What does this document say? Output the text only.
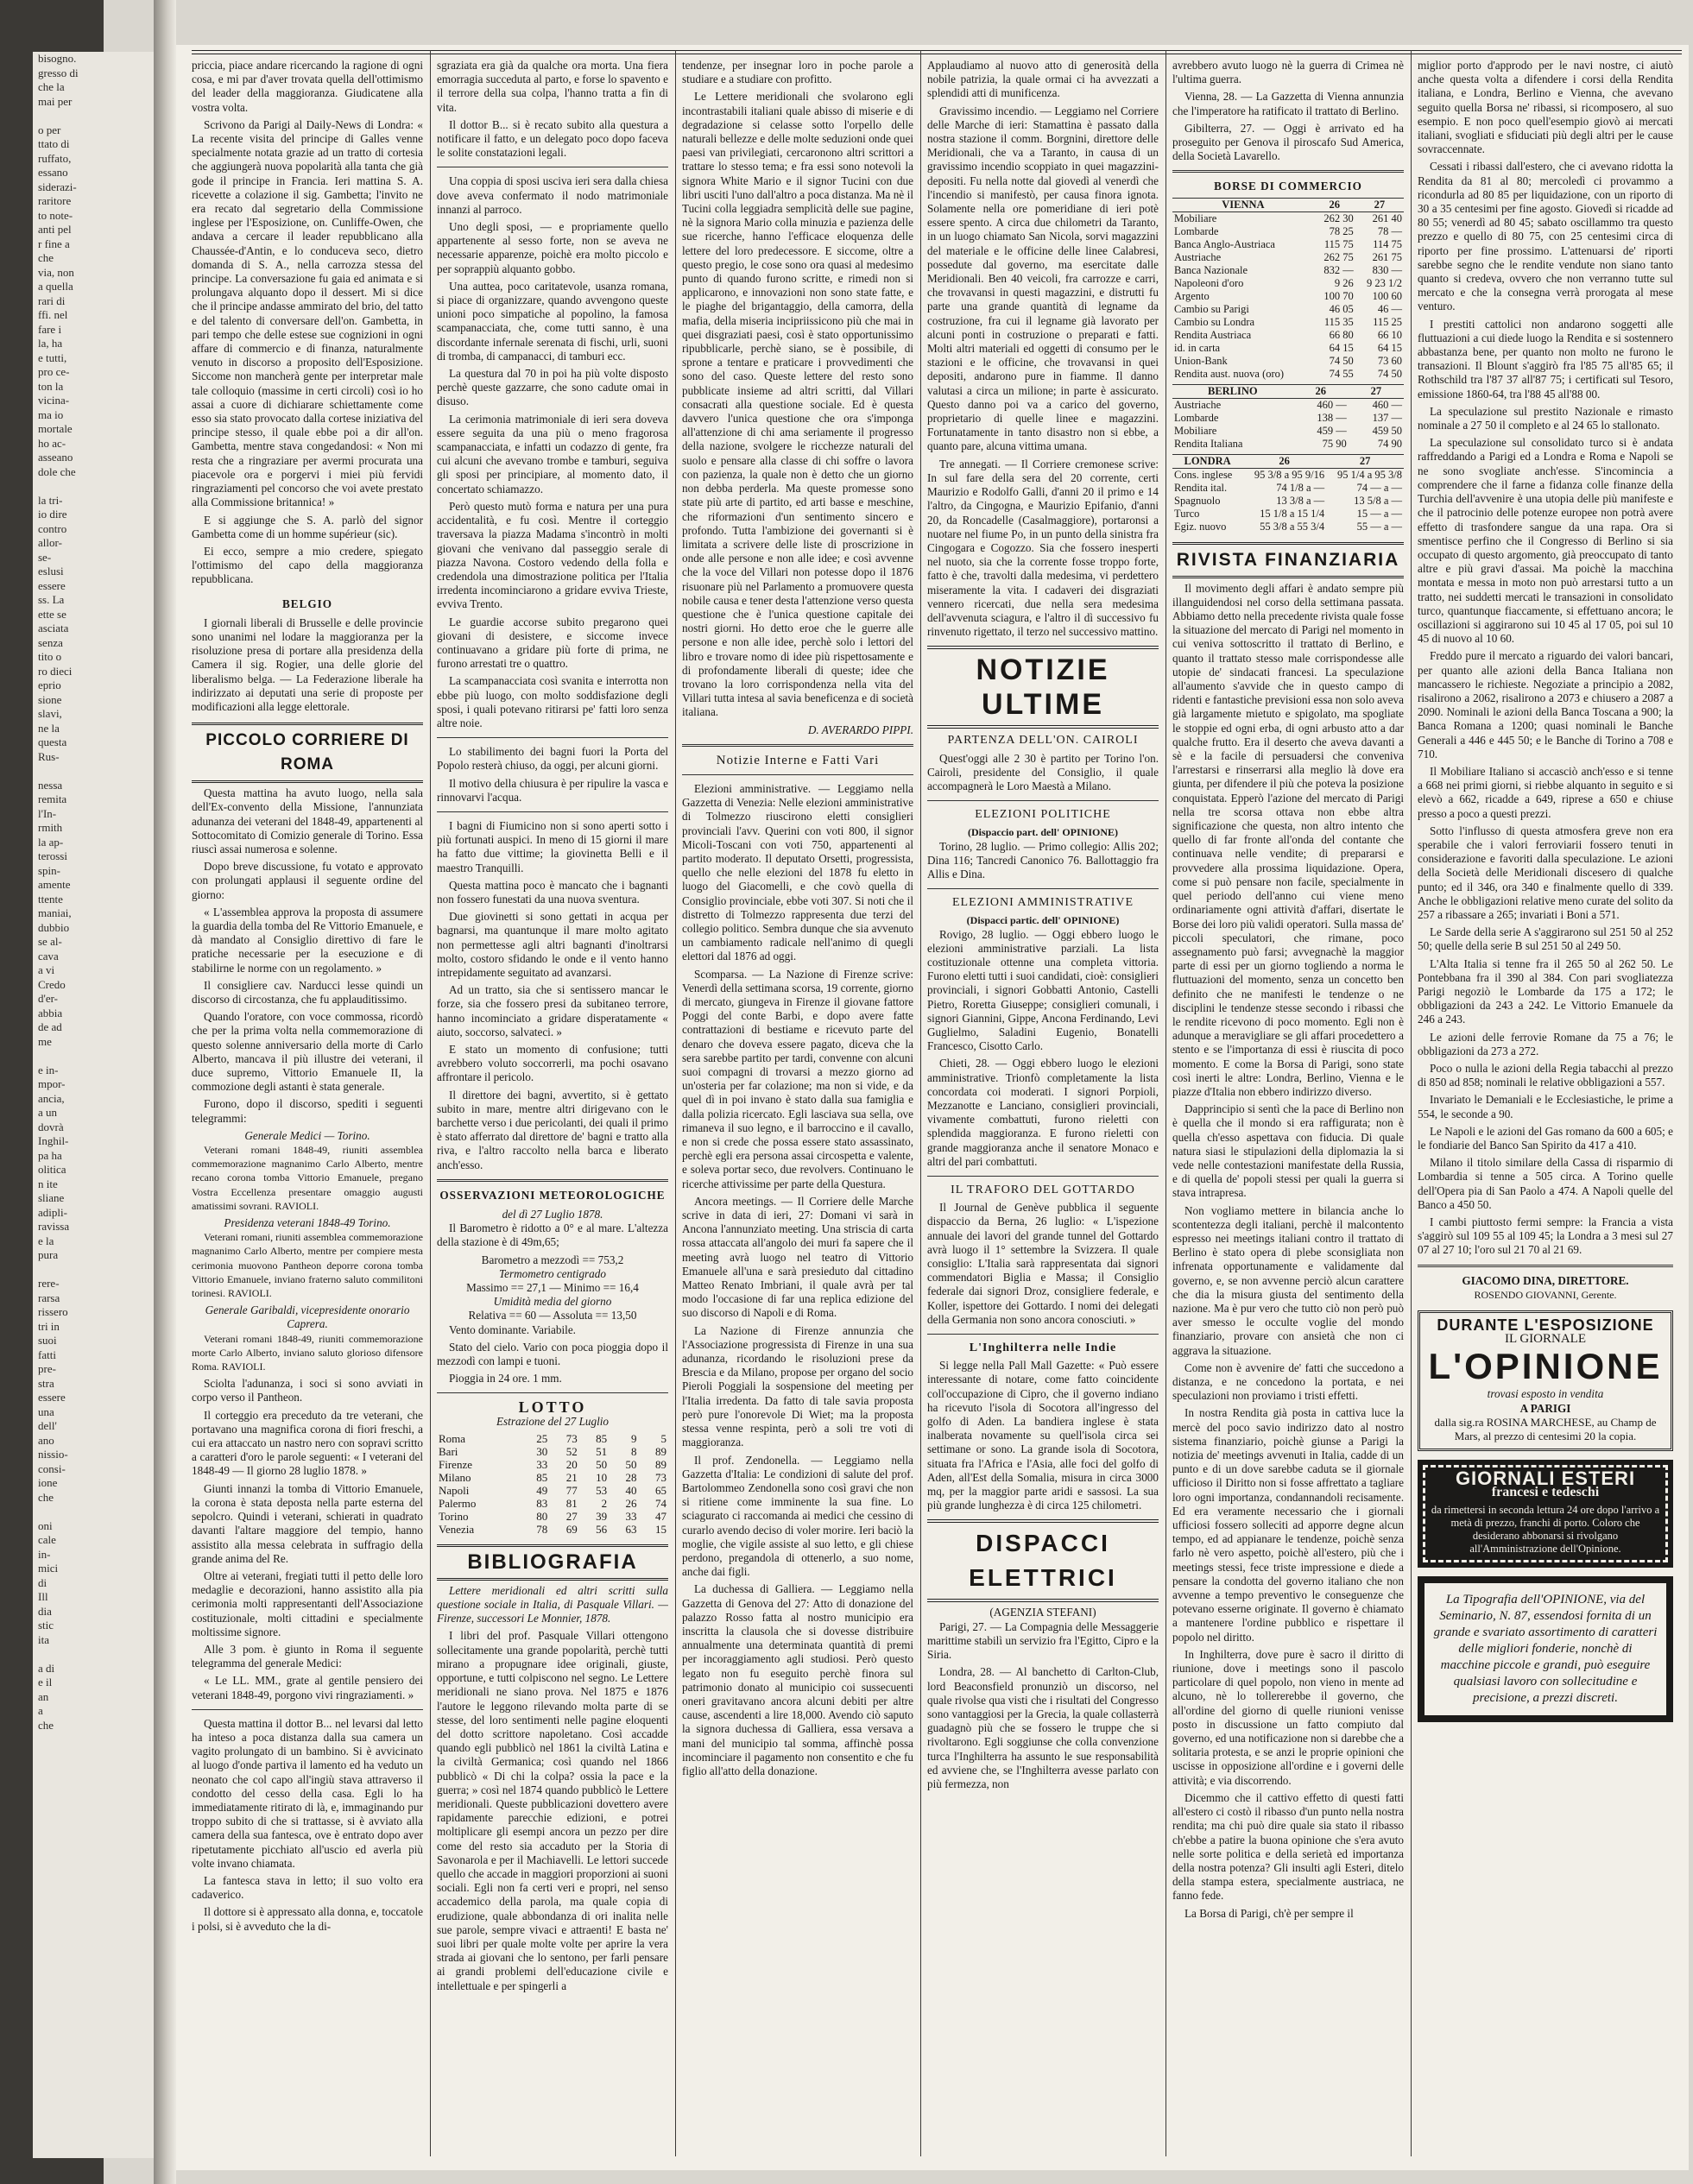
bisogno.
gresso di
che la
mai per

o per
ttato di
ruffato,
essano
siderazi-
raritore
to note-
anti pel
r fine a
che
via, non
a quella
rari di
ffi. nel
fare i
la, ha
e tutti,
pro ce-
ton la
vicina-
ma io
mortale
ho ac-
asseano
dole che

la tri-
io dire
contro
allor-
se-
eslusi
essere
ss. La
ette se
asciata
senza
tito o
ro dieci
eprio
sione
slavi,
ne la
questa
Rus-

nessa
remita
l'In-
rmith
la ap-
terossi
spin-
amente
ttente
maniai,
dubbio
se al-
cava
a vi
Credo
d'er-
abbia
de ad
me

e in-
mpor-
ancia,
a un
dovrà
Inghil-
pa ha
olitica
n ite
sliane
adipli-
ravissa
e la
pura

rere-
rarsa
rissero
tri in
suoi
fatti
pre-
stra
essere
una
dell'
ano
nissio-
consi-
ione
che

oni
cale
in-
mici
di
Ill
dia
stic
ita

a di
e il
an
a
che

priccia, piace andare ricercando la ragione di ogni cosa, e mi par d'aver trovata quella dell'ottimismo del leader della maggioranza. Giudicatene alla vostra volta.

Scrivono da Parigi al Daily-News di Londra: « La recente visita del principe di Galles venne specialmente notata grazie ad un tratto di cortesia che aggiungerà nuova popolarità alla tanta che già gode il principe in Francia. Ieri mattina S. A. ricevette a colazione il sig. Gambetta; l'invito ne era recato dal segretario della Commissione inglese per l'Esposizione, on. Cunliffe-Owen, che andava a cercare il leader repubblicano alla Chaussée-d'Antin, e lo conduceva seco, dietro domanda di S. A., nella carrozza stessa del principe. La conversazione fu gaia ed animata e si prolungava alquanto dopo il dessert. Mi si dice che il principe andasse ammirato del brio, del tatto e del talento di conversare dell'on. Gambetta, in pari tempo che delle estese sue cognizioni in ogni affare di commercio e di finanza, naturalmente venuto in discorso a proposito dell'Esposizione. Siccome non mancherà gente per interpretar male tale colloquio (massime in certi circoli) così io ho assai a cuore di dichiarare schiettamente come esso sia stato provocato dalla cortese iniziativa del principe stesso, il quale ebbe poi a dir all'on. Gambetta, mentre stava congedandosi: « Non mi resta che a ringraziare per avermi procurata una piacevole ora e porgervi i miei più fervidi ringraziamenti pel concorso che voi avete prestato alla Commissione britannica! »

E si aggiunge che S. A. parlò del signor Gambetta come di un homme supérieur (sic).

Ei ecco, sempre a mio credere, spiegato l'ottimismo del capo della maggioranza repubblicana.

BELGIO

I giornali liberali di Brusselle e delle provincie sono unanimi nel lodare la maggioranza per la risoluzione presa di portare alla presidenza della Camera il sig. Rogier, una delle glorie del liberalismo belga. — La Federazione liberale ha indirizzato ai deputati una serie di proposte per modificazioni alla legge elettorale.

PICCOLO CORRIERE DI ROMA

Questa mattina ha avuto luogo, nella sala dell'Ex-convento della Missione, l'annunziata adunanza dei veterani del 1848-49, appartenenti al Sottocomitato di Comizio generale di Torino. Essa riuscì assai numerosa e solenne.

Dopo breve discussione, fu votato e approvato con prolungati applausi il seguente ordine del giorno:

« L'assemblea approva la proposta di assumere la guardia della tomba del Re Vittorio Emanuele, e dà mandato al Consiglio direttivo di fare le pratiche necessarie per la esecuzione e di stabilirne le norme con un regolamento. »

Il consigliere cav. Narducci lesse quindi un discorso di circostanza, che fu applauditissimo.

Quando l'oratore, con voce commossa, ricordò che per la prima volta nella commemorazione di questo solenne anniversario della morte di Carlo Alberto, mancava il più illustre dei veterani, il duce supremo, Vittorio Emanuele II, la commozione degli astanti è stata generale.

Furono, dopo il discorso, spediti i seguenti telegrammi:

Generale Medici — Torino.

Veterani romani 1848-49, riuniti assemblea commemorazione magnanimo Carlo Alberto, mentre recano corona tomba Vittorio Emanuele, pregano Vostra Eccellenza presentare omaggio augusti amatissimi sovrani. RAVIOLI.

Presidenza veterani 1848-49 Torino.

Veterani romani, riuniti assemblea commemorazione magnanimo Carlo Alberto, mentre per compiere mesta cerimonia muovono Pantheon deporre corona tomba Vittorio Emanuele, inviano fraterno saluto commilitoni torinesi. RAVIOLI.

Generale Garibaldi, vicepresidente onorario Caprera.

Veterani romani 1848-49, riuniti commemorazione morte Carlo Alberto, inviano saluto glorioso difensore Roma. RAVIOLI.

Sciolta l'adunanza, i soci si sono avviati in corpo verso il Pantheon.

Il corteggio era preceduto da tre veterani, che portavano una magnifica corona di fiori freschi, a cui era attaccato un nastro nero con sopravi scritto a caratteri d'oro le parole seguenti: « I veterani del 1848-49 — Il giorno 28 luglio 1878. »

Giunti innanzi la tomba di Vittorio Emanuele, la corona è stata deposta nella parte esterna del sepolcro. Quindi i veterani, schierati in quadrato davanti l'altare maggiore del tempio, hanno assistito alla messa celebrata in suffragio della grande anima del Re.

Oltre ai veterani, fregiati tutti il petto delle loro medaglie e decorazioni, hanno assistito alla pia cerimonia molti rappresentanti dell'Associazione costituzionale, molti cittadini e specialmente moltissime signore.

Alle 3 pom. è giunto in Roma il seguente telegramma del generale Medici:

« Le LL. MM., grate al gentile pensiero dei veterani 1848-49, porgono vivi ringraziamenti. »

Questa mattina il dottor B... nel levarsi dal letto ha inteso a poca distanza dalla sua camera un vagito prolungato di un bambino. Si è avvicinato al luogo d'onde partiva il lamento ed ha veduto un neonato che col capo all'ingiù stava attraverso il condotto del cesso della casa. Egli lo ha immediatamente ritirato di là, e, immaginando pur troppo subito di che si trattasse, si è avviato alla camera della sua fantesca, ove è entrato dopo aver ripetutamente picchiato all'uscio ed averla più volte invano chiamata.

La fantesca stava in letto; il suo volto era cadaverico.

Il dottore si è appressato alla donna, e, toccatole i polsi, si è avveduto che la di-

sgraziata era già da qualche ora morta. Una fiera emorragia succeduta al parto, e forse lo spavento e il terrore della sua colpa, l'hanno tratta a fin di vita.

Il dottor B... si è recato subito alla questura a notificare il fatto, e un delegato poco dopo faceva le solite constatazioni legali.

Una coppia di sposi usciva ieri sera dalla chiesa dove aveva confermato il nodo matrimoniale innanzi al parroco.

Uno degli sposi, — e propriamente quello appartenente al sesso forte, non se aveva ne necessarie apparenze, poichè era molto piccolo e per soprappiù alquanto gobbo.

Una auttea, poco caritatevole, usanza romana, si piace di organizzare, quando avvengono queste unioni poco simpatiche al popolino, la famosa scampanacciata, che, come tutti sanno, è una discordante infernale serenata di fischi, urli, suoni di tromba, di campanacci, di tamburi ecc.

La questura dal 70 in poi ha più volte disposto perchè queste gazzarre, che sono cadute omai in disuso.

La cerimonia matrimoniale di ieri sera doveva essere seguita da una più o meno fragorosa scampanacciata, e infatti un codazzo di gente, fra cui alcuni che avevano trombe e tamburi, seguiva gli sposi per principiare, al momento dato, il concertato schiamazzo.

Però questo mutò forma e natura per una pura accidentalità, e fu così. Mentre il corteggio traversava la piazza Madama s'incontrò in molti giovani che venivano dal passeggio serale di piazza Navona. Costoro vedendo della folla e credendola una dimostrazione politica per l'Italia irredenta incominciarono a gridare evviva Trieste, evviva Trento.

Le guardie accorse subito pregarono quei giovani di desistere, e siccome invece continuavano a gridare più forte di prima, ne furono arrestati tre o quattro.

La scampanacciata così svanita e interrotta non ebbe più luogo, con molto soddisfazione degli sposi, i quali potevano ritirarsi pe' fatti loro senza altre noie.

Lo stabilimento dei bagni fuori la Porta del Popolo resterà chiuso, da oggi, per alcuni giorni.

Il motivo della chiusura è per ripulire la vasca e rinnovarvi l'acqua.

I bagni di Fiumicino non si sono aperti sotto i più fortunati auspici. In meno di 15 giorni il mare ha fatto due vittime; la giovinetta Belli e il maestro Tranquilli.

Questa mattina poco è mancato che i bagnanti non fossero funestati da una nuova sventura.

Due giovinetti si sono gettati in acqua per bagnarsi, ma quantunque il mare molto agitato non permettesse agli altri bagnanti d'inoltrarsi molto, costoro sfidando le onde e il vento hanno intrepidamente seguitato ad avanzarsi.

Ad un tratto, sia che si sentissero mancar le forze, sia che fossero presi da subitaneo terrore, hanno incominciato a gridare disperatamente « aiuto, soccorso, salvateci. »

E stato un momento di confusione; tutti avrebbero voluto soccorrerli, ma pochi osavano affrontare il pericolo.

Il direttore dei bagni, avvertito, si è gettato subito in mare, mentre altri dirigevano con le barchette verso i due pericolanti, dei quali il primo è stato afferrato dal direttore de' bagni e tratto alla riva, e l'altro raccolto nella barca e liberato anch'esso.

OSSERVAZIONI METEOROLOGICHE
del dì 27 Luglio 1878.

Il Barometro è ridotto a 0° e al mare. L'altezza della stazione è di 49m,65;

Barometro a mezzodì == 753,2
Termometro centigrado
Massimo == 27,1 — Minimo == 16,4
Umidità media del giorno
Relativa == 60 — Assoluta == 13,50

Vento dominante. Variabile.

Stato del cielo. Vario con poca pioggia dopo il mezzodì con lampi e tuoni.

Pioggia in 24 ore. 1 mm.

LOTTO
Estrazione del 27 Luglio
Roma	25	73	85	9	5
Bari	30	52	51	8	89
Firenze	33	20	50	50	89
Milano	85	21	10	28	73
Napoli	49	77	53	40	65
Palermo	83	81	2	26	74
Torino	80	27	39	33	47
Venezia	78	69	56	63	15
BIBLIOGRAFIA

Lettere meridionali ed altri scritti sulla questione sociale in Italia, di Pasquale Villari. — Firenze, successori Le Monnier, 1878.

I libri del prof. Pasquale Villari ottengono sollecitamente una grande popolarità, perchè tutti mirano a propugnare idee originali, giuste, opportune, e tutti colpiscono nel segno. Le Lettere meridionali ne siano prova. Nel 1875 e 1876 l'autore le leggono rilevando molta parte di se stesse, del loro sentimenti nelle pagine eloquenti del dotto scrittore napoletano. Così accadde quando egli pubblicò nel 1861 la civiltà Latina e la civiltà Germanica; così quando nel 1866 pubblicò « Di chi la colpa? ossia la pace e la guerra; » così nel 1874 quando pubblicò le Lettere meridionali. Queste pubblicazioni dovettero avere rapidamente parecchie edizioni, e potrei moltiplicare gli esempi ancora un pezzo per dire come del resto sia accaduto per la Storia di Savonarola e per il Machiavelli. Le lettori succede quello che accade in maggiori proporzioni ai suoni sociali. Egli non fa certi veri e propri, nel senso accademico della parola, ma quale copia di erudizione, quale abbondanza di ori inalita nelle sue parole, sempre vivaci e attraenti! E basta ne' suoi libri per quale molte volte per aprire la vera strada ai giovani che lo sentono, per farli pensare ai grandi problemi dell'educazione civile e intellettuale e per spingerli a

tendenze, per insegnar loro in poche parole a studiare e a studiare con profitto.

Le Lettere meridionali che svolarono egli incontrastabili italiani quale abisso di miserie e di degradazione si celasse sotto l'orpello delle naturali bellezze e delle molte seduzioni onde quei paesi van privilegiati, cercaronono altri scrittori a trattare lo stesso tema; e fra essi sono notevoli la signora White Mario e il signor Tucini con due libri usciti l'uno dall'altro a poca distanza. Ma nè il Tucini colla leggiadra semplicità delle sue pagine, nè la signora Mario colla minuzia e pazienza delle sue ricerche, hanno l'efficace eloquenza delle lettere del loro predecessore. E siccome, oltre a questo pregio, le cose sono ora quasi al medesimo punto di quando furono scritte, e rimedi non si applicarono, e innovazioni non sono state fatte, e le piaghe del brigantaggio, della camorra, della mafia, della miseria incipriissicono più che mai in quei disgraziati paesi, così è stato opportunissimo ripubblicarle, perchè siano, se è possibile, di sprone a tentare e praticare i provvedimenti che sono del caso. Queste lettere del resto sono pubblicate insieme ad altri scritti, dal Villari consacrati alla questione sociale. Ed è questa davvero l'unica questione che ora s'imponga all'attenzione di chi ama seriamente il progresso della nazione, svolgere le ricchezze naturali del suolo e pensare alla classe di chi soffre o lavora con pazienza, la quale non è detto che un giorno non debba perderla. Ma queste promesse sono state più arte di partito, ed arti basse e meschine, che riformazioni d'un sentimento sincero e profondo. Tutta l'ambizione dei governanti si è limitata a scrivere delle liste di proscrizione in onde alle persone e non alle idee; e così avvenne che la voce del Villari non potesse dopo il 1876 risuonare più nel Parlamento a promuovere questa nobile causa e tener desta l'attenzione verso questa questione che è l'unica questione capitale dei nostri giorni. Ho detto eroe che le guerre alle persone e non alle idee, perchè solo i lettori del libro e trovare nomo di idee più rispettosamente e di profondamente liberali di queste; idee che trovano la loro corrispondenza nella vita del Villari tutta intesa al savia beneficenza e di società italiana.

D. AVERARDO PIPPI.
Notizie Interne e Fatti Vari

Elezioni amministrative. — Leggiamo nella Gazzetta di Venezia: Nelle elezioni amministrative di Tolmezzo riuscirono eletti consiglieri provinciali l'avv. Querini con voti 800, il signor Micoli-Toscani con voti 750, appartenenti al partito moderato. Il deputato Orsetti, progressista, quello che nelle elezioni del 1878 fu eletto in luogo del Giacomelli, e che covò quella di Consiglio provinciale, ebbe voti 307. Si noti che il distretto di Tolmezzo rappresenta due terzi del collegio politico. Sembra dunque che sia avvenuto un cambiamento radicale nell'animo di quegli elettori dal 1876 ad oggi.

Scomparsa. — La Nazione di Firenze scrive: Venerdì della settimana scorsa, 19 corrente, giorno di mercato, giungeva in Firenze il giovane fattore Poggi del conte Barbi, e dopo avere fatte contrattazioni di bestiame e ricevuto parte del denaro che doveva essere pagato, diceva che la sera sarebbe partito per tardi, convenne con alcuni suoi compagni di trovarsi a mezzo giorno ad un'osteria per far colazione; ma non si vide, e da quel dì in poi invano è stato dalla sua famiglia e dalla polizia ricercato. Egli lasciava sua sella, ove rimaneva il suo legno, e il barroccino e il cavallo, e non si crede che possa essere stato assassinato, perchè egli era persona assai circospetta e valente, e soleva portar seco, due revolvers. Continuano le ricerche attivissime per parte della Questura.

Ancora meetings. — Il Corriere delle Marche scrive in data di ieri, 27: Domani vi sarà in Ancona l'annunziato meeting. Una striscia di carta rossa attaccata all'angolo dei muri fa sapere che il meeting avrà luogo nel teatro di Vittorio Emanuele all'una e sarà presieduto dal cittadino Matteo Renato Imbriani, il quale avrà per tal modo l'occasione di far una replica edizione del suo discorso di Napoli e di Roma.

La Nazione di Firenze annunzia che l'Associazione progressista di Firenze in una sua adunanza, ricordando le risoluzioni prese da Brescia e da Milano, propose per organo del socio Pieroli Poggiali la sospensione del meeting per l'Italia irredenta. Da fatto di tale savia proposta però pure l'onorevole Di Wiet; ma la proposta stessa venne respinta, però a soli tre voti di maggioranza.

Il prof. Zendonella. — Leggiamo nella Gazzetta d'Italia: Le condizioni di salute del prof. Bartolommeo Zendonella sono così gravi che non si ritiene come imminente la sua fine. Lo sciagurato ci raccomanda ai medici che cessino di curarlo avendo deciso di voler morire. Ieri baciò la moglie, che vigile assiste al suo letto, e gli chiese perdono, pregandola di ottenerlo, a suo nome, anche dai figli.

La duchessa di Galliera. — Leggiamo nella Gazzetta di Genova del 27: Atto di donazione del palazzo Rosso fatta al nostro municipio era inscritta la clausola che si dovesse distribuire annualmente una determinata quantità di premi per incoraggiamento agli studiosi. Però questo legato non fu eseguito perchè finora sul patrimonio donato al municipio coi sussecuenti oneri gravitavano ancora alcuni debiti per altre cause, ascendenti a lire 18,000. Avendo ciò saputo la signora duchessa di Galliera, essa versava a mani del municipio tal somma, affinchè possa incominciare il pagamento non consentito e che fu figlio all'atto della donazione.

Applaudiamo al nuovo atto di generosità della nobile patrizia, la quale ormai ci ha avvezzati a splendidi atti di munificenza.

Gravissimo incendio. — Leggiamo nel Corriere delle Marche di ieri: Stamattina è passato dalla nostra stazione il comm. Borgnini, direttore delle Meridionali, che va a Taranto, in causa di un gravissimo incendio scoppiato in quei magazzini-depositi. Fu nella notte dal giovedì al venerdì che l'incendio si manifestò, per causa finora ignota. Solamente nella ore pomeridiane di ieri potè essere spento. A circa due chilometri da Taranto, in un luogo chiamato San Nicola, sorvi magazzini del materiale e le officine delle linee Calabresi, possedute dal governo, ma esercitate dalle Meridionali. Ben 40 veicoli, fra carrozze e carri, che trovavansi in questi magazzini, e distrutti fu parte una grande quantità di legname da costruzione, fra cui il legname già lavorato per alcuni ponti in costruzione o preparati e fatti. Molti altri materiali ed oggetti di consumo per le stazioni e le officine, che trovavansi in quei depositi, andarono pure in fiamme. Il danno valutasi a circa un milione; in parte è assicurato. Questo danno poi va a carico del governo, proprietario di quelle linee e magazzini. Fortunatamente in tanto disastro non si ebbe, a quanto pare, alcuna vittima umana.

Tre annegati. — Il Corriere cremonese scrive: In sul fare della sera del 20 corrente, certi Maurizio e Rodolfo Galli, d'anni 20 il primo e 14 l'altro, da Cingogna, e Maurizio Epifanio, d'anni 20, da Roncadelle (Casalmaggiore), portaronsi a nuotare nel fiume Po, in un punto della sinistra fra Cingogara e Cogozzo. Sia che fossero inesperti nel nuoto, sia che la corrente fosse troppo forte, fatto è che, travolti dalla medesima, vi perdettero miseramente la vita. I cadaveri dei disgraziati vennero ricercati, due nella sera medesima dell'avvenuta sciagura, e l'altro il dì successivo fu rinvenuto rigettato, il terzo nel successivo mattino.

NOTIZIE ULTIME
PARTENZA DELL'ON. CAIROLI

Quest'oggi alle 2 30 è partito per Torino l'on. Cairoli, presidente del Consiglio, il quale accompagnerà le Loro Maestà a Milano.

ELEZIONI POLITICHE
(Dispaccio part. dell' OPINIONE)

Torino, 28 luglio. — Primo collegio: Allis 202; Dina 116; Tancredi Canonico 76. Ballottaggio fra Allis e Dina.

ELEZIONI AMMINISTRATIVE
(Dispacci partic. dell' OPINIONE)

Rovigo, 28 luglio. — Oggi ebbero luogo le elezioni amministrative parziali. La lista costituzionale ottenne una completa vittoria. Furono eletti tutti i suoi candidati, cioè: consiglieri provinciali, i signori Gobbatti Antonio, Castelli Pietro, Roretta Giuseppe; consiglieri comunali, i signori Giannini, Gippe, Ancona Ferdinando, Levi Guglielmo, Saladini Eugenio, Bonatelli Francesco, Cisotto Carlo.

Chieti, 28. — Oggi ebbero luogo le elezioni amministrative. Trionfò completamente la lista concordata coi moderati. I signori Porpioli, Mezzanotte e Lanciano, consiglieri provinciali, vivamente combattuti, furono rieletti con splendida maggioranza. E furono rieletti con grande maggioranza anche il senatore Monaco e altri del pari combattuti.

IL TRAFORO DEL GOTTARDO

Il Journal de Genève pubblica il seguente dispaccio da Berna, 26 luglio: « L'ispezione annuale dei lavori del grande tunnel del Gottardo avrà luogo il 1° settembre la Svizzera. Il quale consiglio: L'Italia sarà rappresentata dai signori commendatori Biglia e Massa; il Consiglio federale dai signori Droz, consigliere federale, e Koller, ispettore dei Gottardo. I nomi dei delegati della Germania non sono ancora conosciuti. »

L'Inghilterra nelle Indie

Si legge nella Pall Mall Gazette: « Può essere interessante di notare, come fatto coincidente coll'occupazione di Cipro, che il governo indiano ha ricevuto l'isola di Socotora all'ingresso del golfo di Aden. La bandiera inglese è stata inalberata novamente su quell'isola circa sei settimane or sono. La grande isola di Socotora, situata fra l'Africa e l'Asia, alle foci del golfo di Aden, all'Est della Somalia, misura in circa 3000 mq, per la maggior parte aridi e sassosi. La sua più grande lunghezza è di circa 125 chilometri.

DISPACCI ELETTRICI
(AGENZIA STEFANI)

Parigi, 27. — La Compagnia delle Messaggerie marittime stabilì un servizio fra l'Egitto, Cipro e la Siria.

Londra, 28. — Al banchetto di Carlton-Club, lord Beaconsfield pronunziò un discorso, nel quale rivolse qua visti che i risultati del Congresso sono vantaggiosi per la Grecia, la quale collasterrà guadagnò più che se fossero le truppe che si rivoltarono. Egli soggiunse che colla convenzione turca l'Inghilterra ha assunto le sue responsabilità ed avviene che, se l'Inghilterra avesse parlato con più fermezza, non

avrebbero avuto luogo nè la guerra di Crimea nè l'ultima guerra.

Vienna, 28. — La Gazzetta di Vienna annunzia che l'imperatore ha ratificato il trattato di Berlino.

Gibilterra, 27. — Oggi è arrivato ed ha proseguito per Genova il piroscafo Sud America, della Società Lavarello.

BORSE DI COMMERCIO
VIENNA	26	27
Mobiliare	262 30	261 40
Lombarde	78 25	78 —
Banca Anglo-Austriaca	115 75	114 75
Austriache	262 75	261 75
Banca Nazionale	832 —	830 —
Napoleoni d'oro	9 26	9 23 1/2
Argento	100 70	100 60
Cambio su Parigi	46 05	46 —
Cambio su Londra	115 35	115 25
Rendita Austriaca	66 80	66 10
id. in carta	64 15	64 15
Union-Bank	74 50	73 60
Rendita aust. nuova (oro)	74 55	74 50
BERLINO	26	27
Austriache	460 —	460 —
Lombarde	138 —	137 —
Mobiliare	459 —	459 50
Rendita Italiana	75 90	74 90
LONDRA	26	27
Cons. inglese	95 3/8 a 95 9/16	95 1/4 a 95 3/8
Rendita ital.	74 1/8 a —	74 — a —
Spagnuolo	13 3/8 a —	13 5/8 a —
Turco	15 1/8 a 15 1/4	15 — a —
Egiz. nuovo	55 3/8 a 55 3/4	55 — a —
RIVISTA FINANZIARIA

Il movimento degli affari è andato sempre più illanguidendosi nel corso della settimana passata. Abbiamo detto nella precedente rivista quale fosse la situazione del mercato di Parigi nel momento in cui veniva sottoscritto il trattato di Berlino, e quanto il trattato stesso male corrispondesse alle utopie de' sindacati francesi. La speculazione all'aumento s'avvide che in questo campo di ridenti e fantastiche previsioni essa non solo aveva già largamente mietuto e spigolato, ma spogliate le stoppie ed ogni erba, di ogni arbusto atto a dar qualche frutto. Era il deserto che aveva davanti a sè e la facile di persuadersi che conveniva l'arrestarsi e rinserrarsi alla meglio là dove era giunta, per difendere il più che poteva la posizione conquistata. Epperò l'azione del mercato di Parigi nella tre scorsa ottava non ebbe altra significazione che questa, non altro intento che quello di far fronte all'onda del contante che continuava nelle vendite; di prepararsi e provvedere alla prossima liquidazione. Opera, come si può pensare non facile, specialmente in quel periodo dell'anno cui viene meno ordinariamente ogni attività d'affari, disertate le Borse dei loro più validi operatori. Sulla massa de' piccoli speculatori, che rimane, poco assegnamento può farsi; avvegnachè la maggior parte di essi per un giorno togliendo a norma le fluttuazioni del momento, senza un concetto ben definito che ne manifesti le tendenze o ne disciplini le tendenze stesse secondo i ribassi che le rendite ricevono di poco momento. Egli non è adunque a meravigliare se gli affari procedettero a stento e se l'importanza di essi è riuscita di poco momento. E come la Borsa di Parigi, sono state così inerti le altre: Londra, Berlino, Vienna e le piazze d'Italia non ebbero indirizzo diverso.

Dapprincipio si sentì che la pace di Berlino non è quella che il mondo si era raffigurata; non è quella ch'esso aspettava con fiducia. Di quale natura siasi le stipulazioni della diplomazia la si vede nelle contestazioni manifestate della Russia, e di quella de' popoli stessi per quali la guerra si stava intrapresa.

Non vogliamo mettere in bilancia anche lo scontentezza degli italiani, perchè il malcontento espresso nei meetings italiani contro il trattato di Berlino è stato opera di plebe sconsigliata non infrenata opportunamente e validamente dal governo, e, se non avvenne perciò alcun carattere che dia la misura giusta del sentimento della nazione. Ma è pur vero che tutto ciò non però può aver smesso le occulte voglie del mondo finanziario, provare con ansietà che non ci aggrava la situazione.

Come non è avvenire de' fatti che succedono a distanza, e ne concedono la portata, e nei speculazioni non proviamo i tristi effetti.

In nostra Rendita già posta in cattiva luce la mercè del poco savio indirizzo dato al nostro sistema finanziario, poichè giunse a Parigi la notizia de' meetings avvenuti in Italia, cadde di un punto e di un dove sarebbe caduta se il giornale ufficioso il Diritto non si fosse affrettato a tagliare loro ogni importanza, condannandoli recisamente. Ed era veramente necessario che i giornali ufficiosi fossero solleciti ad apporre degne alcun tempo, ed ad appianare le tendenze, poichè senza farlo nè vero aspetto, poichè all'estero, più che i meetings stessi, fece triste impressione e diede a pensare la condotta del governo italiano che non avvenne a tempo preventivo le conseguenze che potevano esserne originate. Il governo è chiamato a mantenere l'ordine pubblico e rispettare il popolo nel diritto.

In Inghilterra, dove pure è sacro il diritto di riunione, dove i meetings sono il pascolo particolare di quel popolo, non vieno in mente ad alcuno, nè lo tollererebbe il governo, che all'ordine del giorno di quelle riunioni venisse posto in discussione un fatto compiuto dal governo, ed una notificazione non si darebbe che a solitaria protesta, e se anzi le proprie opinioni che uscisse in opposizione all'ordine e i governi delle attività; e via discorrendo.

Dicemmo che il cattivo effetto di questi fatti all'estero ci costò il ribasso d'un punto nella nostra rendita; ma chi può dire quale sia stato il ribasso ch'ebbe a patire la buona opinione che s'era avuto nelle sorte politica e della serietà ed importanza della nostra potenza? Gli insulti agli Esteri, ditelo della stampa estera, specialmente austriaca, ne fanno fede.

La Borsa di Parigi, ch'è per sempre il

miglior porto d'approdo per le navi nostre, ci aiutò anche questa volta a difendere i corsi della Rendita italiana, e Londra, Berlino e Vienna, che avevano seguito quella Borsa ne' ribassi, si ricomposero, al suo esempio. E non poco quell'esempio giovò ai mercati italiani, svogliati e sfiduciati più degli altri per le cause sovraccennate.

Cessati i ribassi dall'estero, che ci avevano ridotta la Rendita da 81 al 80; mercoledì ci provammo a ricondurla ad 80 85 per liquidazione, con un riporto di 30 a 35 centesimi per fine agosto. Giovedì si ricadde ad 80 55; venerdì ad 80 45; sabato oscillammo tra questo prezzo e quello di 80 75, con 25 centesimi circa di riporto per fine prossimo. L'attenuarsi de' riporti sarebbe segno che le rendite vendute non siano tanto quanto si credeva, ovvero che non verranno tutte sul mercato e che la consegna verrà prorogata al mese venturo.

I prestiti cattolici non andarono soggetti alle fluttuazioni a cui diede luogo la Rendita e si sostennero abbastanza bene, per quanto non molto ne furono le transazioni. Il Blount s'aggirò fra l'85 75 all'85 65; il Rothschild tra l'87 37 all'87 75; i certificati sul Tesoro, emissione 1860-64, tra l'88 45 all'88 00.

La speculazione sul prestito Nazionale e rimasto nominale a 27 50 il completo e al 24 65 lo stallonato.

La speculazione sul consolidato turco si è andata raffreddando a Parigi ed a Londra e Roma e Napoli se ne sono svogliate anch'esse. S'incomincia a comprendere che il farne a fidanza colle finanze della Turchia dell'avvenire è una utopia delle più manifeste e che il patrocinio delle potenze europee non potrà avere effetto di trasfondere sangue da una rapa. Ora si smentisce perfino che il Congresso di Berlino si sia occupato di questo argomento, già preoccupato di tanto altre e più gravi d'assai. Ma poichè la macchina montata e messa in moto non può arrestarsi tutto a un tratto, nei suddetti mercati le transazioni in consolidato turco, quantunque fiaccamente, si effettuano ancora; le oscillazioni si aggirarono sui 10 45 al 17 05, poi sul 10 45 di nuovo al 10 60.

Freddo pure il mercato a riguardo dei valori bancari, per quanto alle azioni della Banca Italiana non mancassero le richieste. Negoziate a principio a 2082, risalirono a 2062, risalirono a 2073 e chiusero a 2087 a 2090. Nominali le azioni della Banca Toscana a 900; la Banca Romana a 1200; quasi nominali le Banche Generali a 446 e 445 50; e le Banche di Torino a 708 e 710.

Il Mobiliare Italiano si accasciò anch'esso e si tenne a 668 nei primi giorni, si riebbe alquanto in seguito e si elevò a 662, ricadde a 649, riprese a 650 e chiuse presso a poco a questi prezzi.

Sotto l'influsso di questa atmosfera greve non era sperabile che i valori ferroviarii fossero tenuti in considerazione e favoriti dalla speculazione. Le azioni della Società delle Meridionali discesero di qualche punto; ed il 346, ora 340 e finalmente quello di 339. Anche le obbligazioni relative meno curate del solito da 257 a ribassare a 265; invariati i Boni a 571.

Le Sarde della serie A s'aggirarono sul 251 50 al 252 50; quelle della serie B sul 251 50 al 249 50.

L'Alta Italia si tenne fra il 265 50 al 262 50. Le Pontebbana fra il 390 al 384. Con pari svogliatezza Parigi negoziò le Lombarde da 175 a 172; le obbligazioni da 243 a 242. Le Vittorio Emanuele da 246 a 243.

Le azioni delle ferrovie Romane da 75 a 76; le obbligazioni da 273 a 272.

Poco o nulla le azioni della Regia tabacchi al prezzo di 850 ad 858; nominali le relative obbligazioni a 557.

Invariato le Demaniali e le Ecclesiastiche, le prime a 554, le seconde a 90.

Le Napoli e le azioni del Gas romano da 600 a 605; e le fondiarie del Banco San Spirito da 417 a 410.

Milano il titolo similare della Cassa di risparmio di Lombardia si tenne a 505 circa. A Torino quelle dell'Opera pia di San Paolo a 474. A Napoli quelle del Banco a 450 50.

I cambi piuttosto fermi sempre: la Francia a vista s'aggirò sul 109 55 al 109 45; la Londra a 3 mesi sul 27 07 al 27 10; l'oro sul 21 70 al 21 69.

GIACOMO DINA, DIRETTORE.
ROSENDO GIOVANNI, Gerente.
DURANTE L'ESPOSIZIONE
IL GIORNALE
L'OPINIONE
trovasi esposto in vendita
A PARIGI
dalla sig.ra ROSINA MARCHESE, au Champ de Mars, al prezzo di centesimi 20 la copia.
GIORNALI ESTERI
francesi e tedeschi
da rimettersi in seconda lettura 24 ore dopo l'arrivo a metà di prezzo, franchi di porto. Coloro che desiderano abbonarsi si rivolgano all'Amministrazione dell'Opinione.
La Tipografia dell'OPINIONE, via del Seminario, N. 87, essendosi fornita di un grande e svariato assortimento di caratteri delle migliori fonderie, nonchè di macchine piccole e grandi, può eseguire qualsiasi lavoro con sollecitudine e precisione, a prezzi discreti.
